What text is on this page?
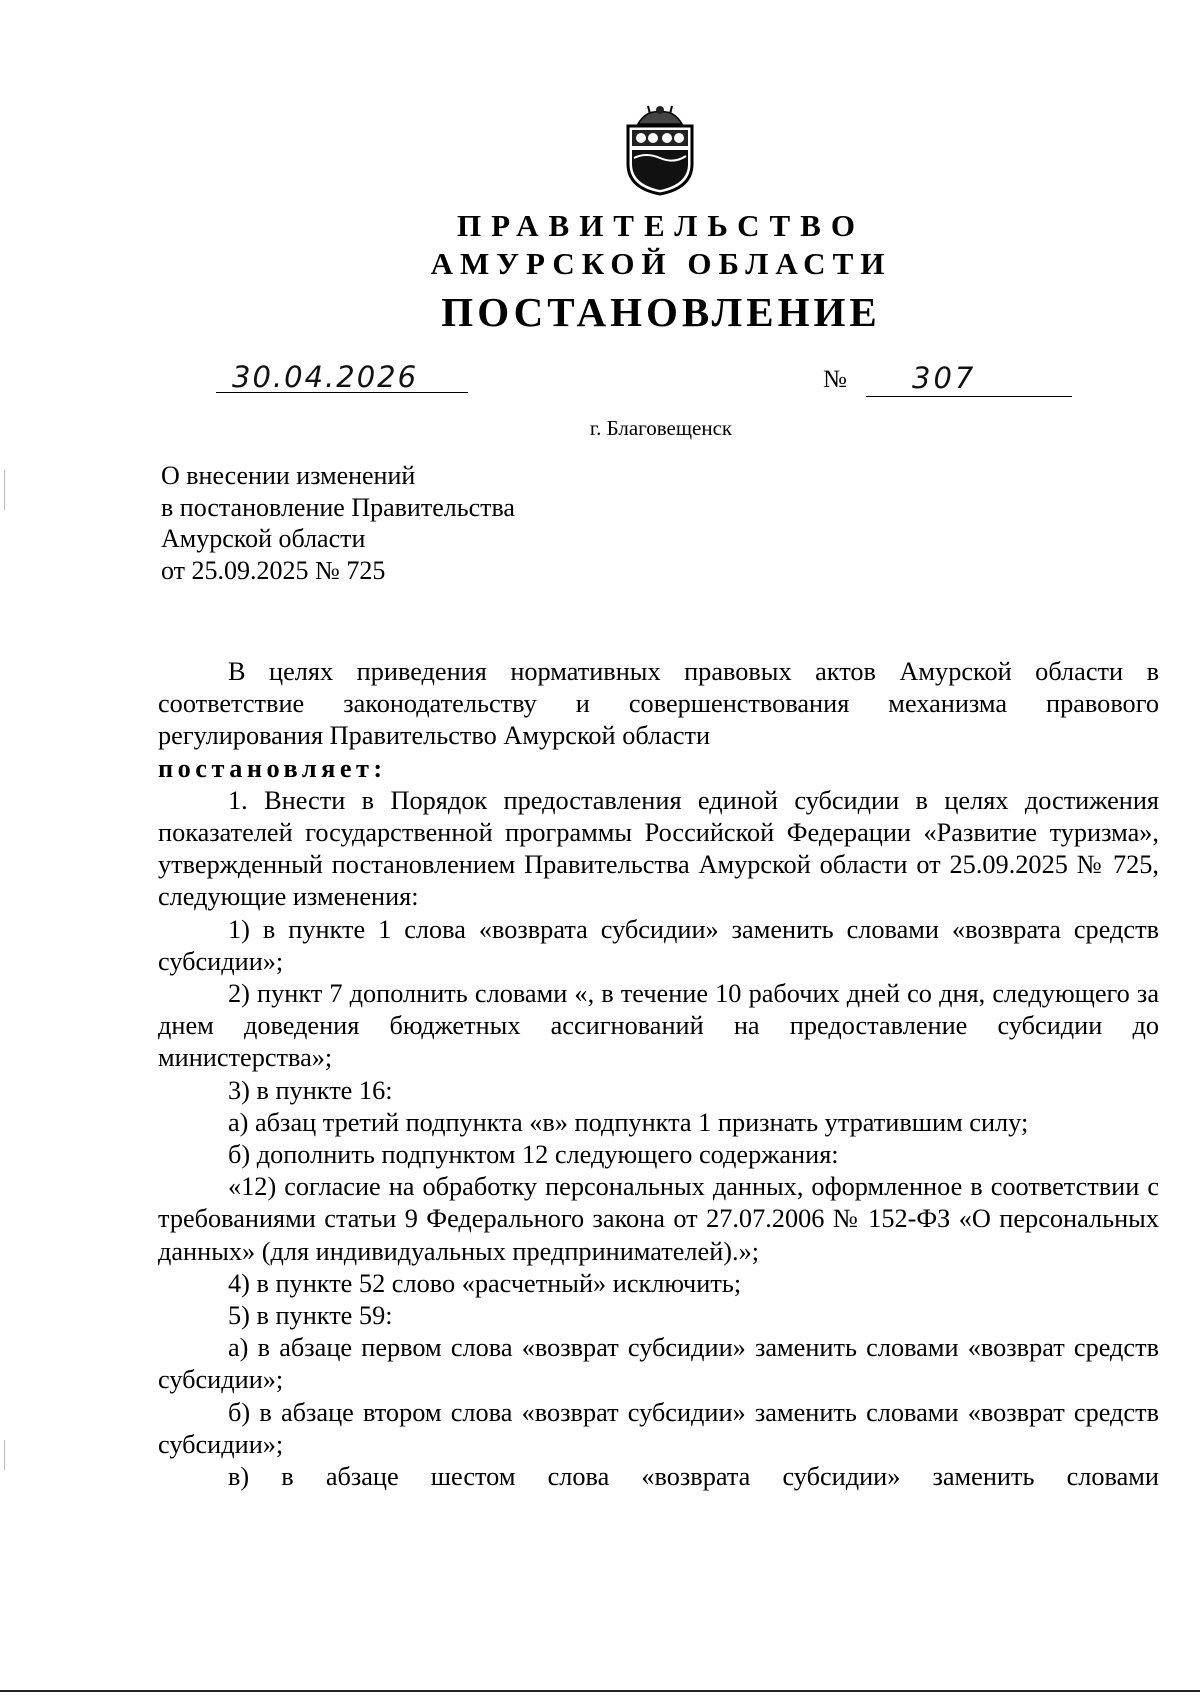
ПРАВИТЕЛЬСТВО
АМУРСКОЙ ОБЛАСТИ
ПОСТАНОВЛЕНИЕ
30.04.2026	№ 307
г. Благовещенск
О внесении изменений
в постановление Правительства
Амурской области
от 25.09.2025 № 725

В целях приведения нормативных правовых актов Амурской области в соответствие законодательству и совершенствования механизма правового регулирования Правительство Амурской области

постановляет:

1. Внести в Порядок предоставления единой субсидии в целях достижения показателей государственной программы Российской Федерации «Развитие туризма», утвержденный постановлением Правительства Амурской области от 25.09.2025 № 725, следующие изменения:

1) в пункте 1 слова «возврата субсидии» заменить словами «возврата средств субсидии»;

2) пункт 7 дополнить словами «, в течение 10 рабочих дней со дня, следующего за днем доведения бюджетных ассигнований на предоставление субсидии до министерства»;

3) в пункте 16:

а) абзац третий подпункта «в» подпункта 1 признать утратившим силу;

б) дополнить подпунктом 12 следующего содержания:

«12) согласие на обработку персональных данных, оформленное в соответствии с требованиями статьи 9 Федерального закона от 27.07.2006 № 152-ФЗ «О персональных данных» (для индивидуальных предпринимателей).»;

4) в пункте 52 слово «расчетный» исключить;

5) в пункте 59:

а) в абзаце первом слова «возврат субсидии» заменить словами «возврат средств субсидии»;

б) в абзаце втором слова «возврат субсидии» заменить словами «возврат средств субсидии»;

в) в абзаце шестом слова «возврата субсидии» заменить словами
